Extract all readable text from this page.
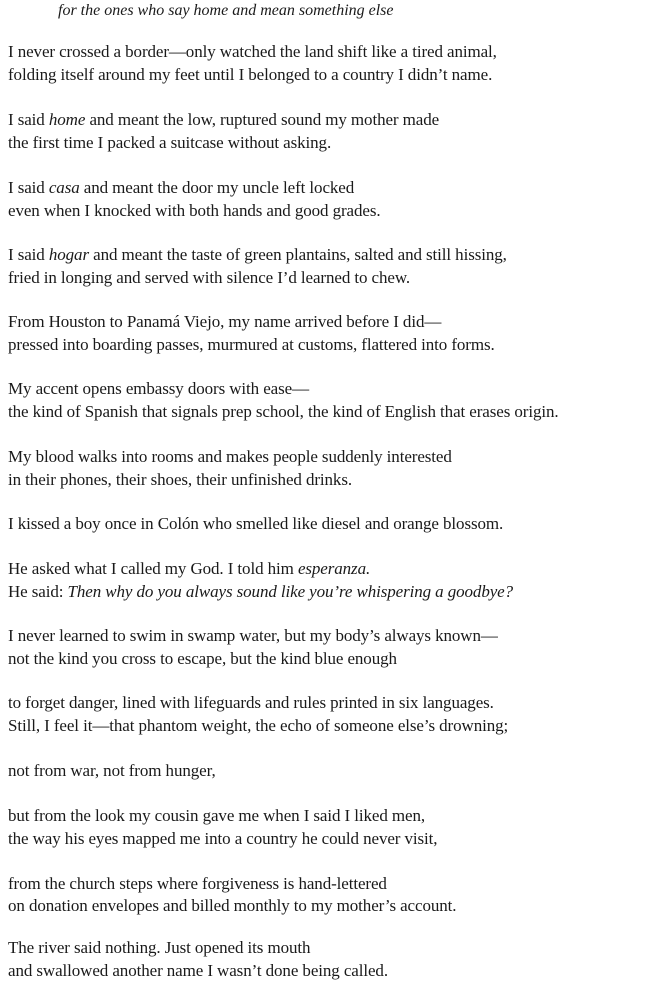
for the ones who say home and mean something else
I never crossed a border—only watched the land shift like a tired animal,
folding itself around my feet until I belonged to a country I didn’t name.
I said home and meant the low, ruptured sound my mother made
the first time I packed a suitcase without asking.
I said casa and meant the door my uncle left locked
even when I knocked with both hands and good grades.
I said hogar and meant the taste of green plantains, salted and still hissing,
fried in longing and served with silence I’d learned to chew.
From Houston to Panamá Viejo, my name arrived before I did—
pressed into boarding passes, murmured at customs, flattered into forms.
My accent opens embassy doors with ease—
the kind of Spanish that signals prep school, the kind of English that erases origin.
My blood walks into rooms and makes people suddenly interested
in their phones, their shoes, their unfinished drinks.
I kissed a boy once in Colón who smelled like diesel and orange blossom.
He asked what I called my God. I told him esperanza.
He said: Then why do you always sound like you’re whispering a goodbye?
I never learned to swim in swamp water, but my body’s always known—
not the kind you cross to escape, but the kind blue enough
to forget danger, lined with lifeguards and rules printed in six languages.
Still, I feel it—that phantom weight, the echo of someone else’s drowning;
not from war, not from hunger,
but from the look my cousin gave me when I said I liked men,
the way his eyes mapped me into a country he could never visit,
from the church steps where forgiveness is hand-lettered
on donation envelopes and billed monthly to my mother’s account.
The river said nothing. Just opened its mouth
and swallowed another name I wasn’t done being called.
